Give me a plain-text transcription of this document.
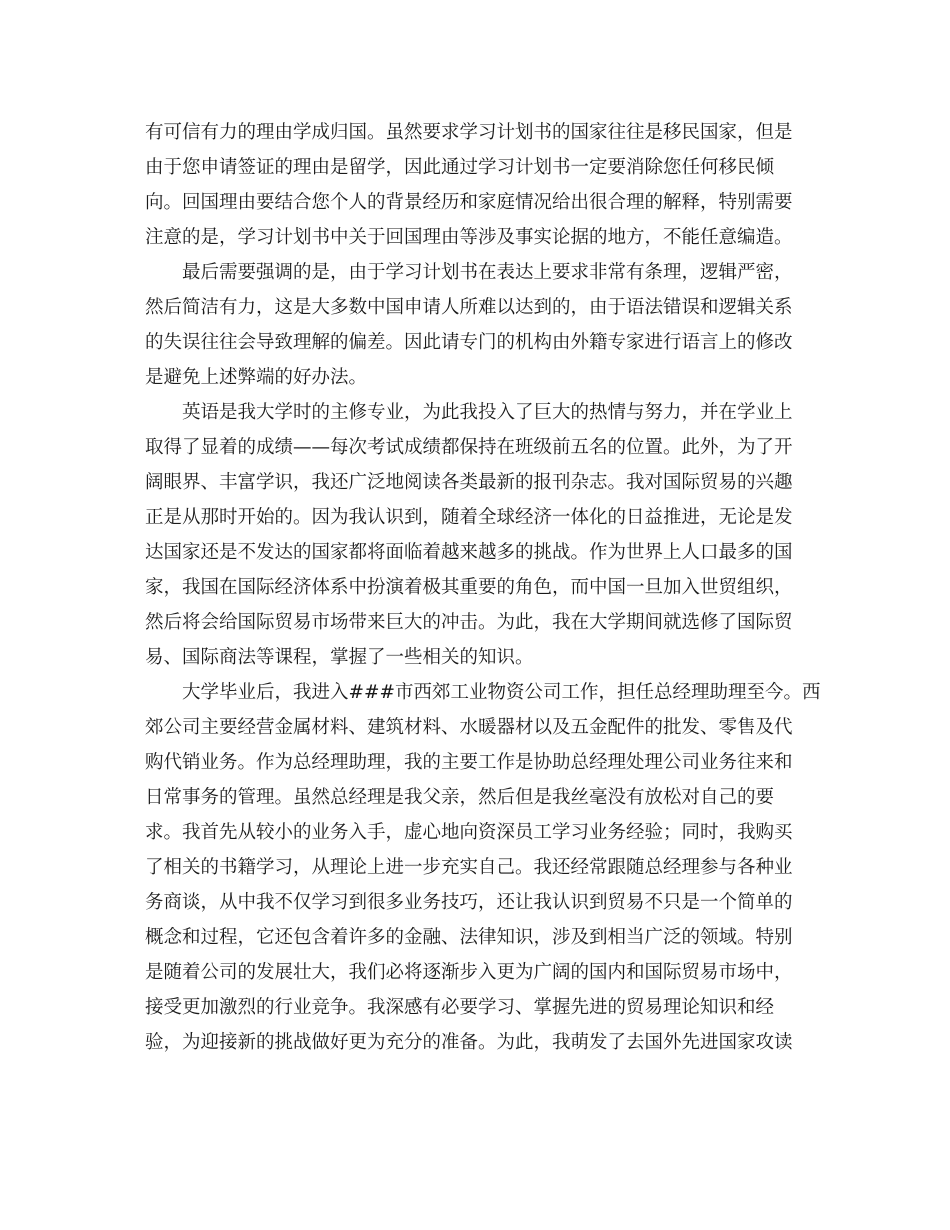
有可信有力的理由学成归国。虽然要求学习计划书的国家往往是移民国家，但是
由于您申请签证的理由是留学，因此通过学习计划书一定要消除您任何移民倾
向。回国理由要结合您个人的背景经历和家庭情况给出很合理的解释，特别需要
注意的是，学习计划书中关于回国理由等涉及事实论据的地方，不能任意编造。
最后需要强调的是，由于学习计划书在表达上要求非常有条理，逻辑严密，
然后简洁有力，这是大多数中国申请人所难以达到的，由于语法错误和逻辑关系
的失误往往会导致理解的偏差。因此请专门的机构由外籍专家进行语言上的修改
是避免上述弊端的好办法。
英语是我大学时的主修专业，为此我投入了巨大的热情与努力，并在学业上
取得了显着的成绩——每次考试成绩都保持在班级前五名的位置。此外，为了开
阔眼界、丰富学识，我还广泛地阅读各类最新的报刊杂志。我对国际贸易的兴趣
正是从那时开始的。因为我认识到，随着全球经济一体化的日益推进，无论是发
达国家还是不发达的国家都将面临着越来越多的挑战。作为世界上人口最多的国
家，我国在国际经济体系中扮演着极其重要的角色，而中国一旦加入世贸组织，
然后将会给国际贸易市场带来巨大的冲击。为此，我在大学期间就选修了国际贸
易、国际商法等课程，掌握了一些相关的知识。
大学毕业后，我进入###市西郊工业物资公司工作，担任总经理助理至今。西
郊公司主要经营金属材料、建筑材料、水暖器材以及五金配件的批发、零售及代
购代销业务。作为总经理助理，我的主要工作是协助总经理处理公司业务往来和
日常事务的管理。虽然总经理是我父亲，然后但是我丝毫没有放松对自己的要
求。我首先从较小的业务入手，虚心地向资深员工学习业务经验；同时，我购买
了相关的书籍学习，从理论上进一步充实自己。我还经常跟随总经理参与各种业
务商谈，从中我不仅学习到很多业务技巧，还让我认识到贸易不只是一个简单的
概念和过程，它还包含着许多的金融、法律知识，涉及到相当广泛的领域。特别
是随着公司的发展壮大，我们必将逐渐步入更为广阔的国内和国际贸易市场中，
接受更加激烈的行业竞争。我深感有必要学习、掌握先进的贸易理论知识和经
验，为迎接新的挑战做好更为充分的准备。为此，我萌发了去国外先进国家攻读
